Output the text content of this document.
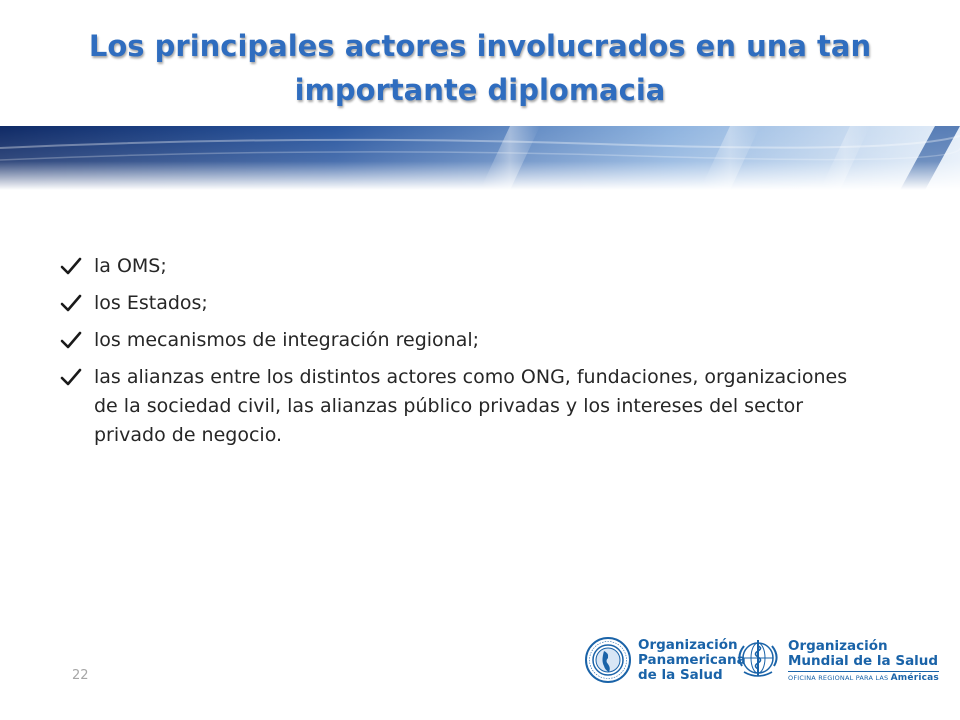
Los principales actores involucrados en una tan
importante diplomacia
la OMS;
los Estados;
los mecanismos de integración regional;
las alianzas entre los distintos actores como ONG, fundaciones, organizaciones de la sociedad civil, las alianzas público privadas y los intereses del sector privado de negocio.
22
Organización
Panamericana
de la Salud
Organización
Mundial de la Salud
OFICINA REGIONAL PARA LAS Américas
